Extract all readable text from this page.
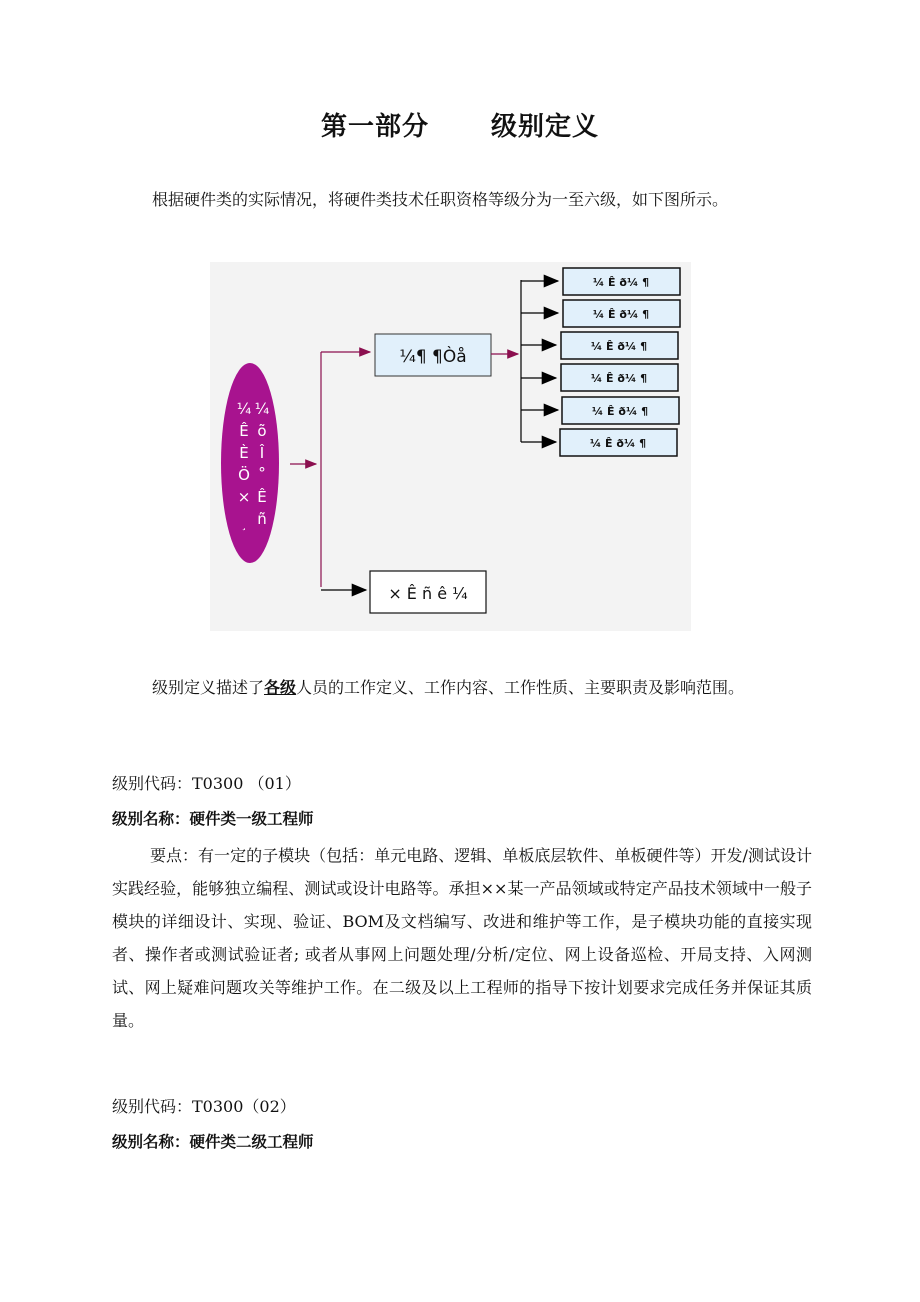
第一部分 级别定义
根据硬件类的实际情况，将硬件类技术任职资格等级分为一至六级，如下图所示。
¼
Ê
È
Ö
×
¸
¼
õ
Î
°
Ê
ñ
¼¶ ¶Òå
¼ Ê ð¼ ¶
¼ Ê ð¼ ¶
¼ Ê ð¼ ¶
¼ Ê ð¼ ¶
¼ Ê ð¼ ¶
¼ Ê ð¼ ¶
× Ê ñ ê ¼
级别定义描述了各级人员的工作定义、工作内容、工作性质、主要职责及影响范围。
级别代码：T0300 （01）
级别名称：硬件类一级工程师
要点：有一定的子模块（包括：单元电路、逻辑、单板底层软件、单板硬件等）开发/测试设计实践经验，能够独立编程、测试或设计电路等。承担××某一产品领域或特定产品技术领域中一般子模块的详细设计、实现、验证、BOM及文档编写、改进和维护等工作，是子模块功能的直接实现者、操作者或测试验证者; 或者从事网上问题处理/分析/定位、网上设备巡检、开局支持、入网测试、网上疑难问题攻关等维护工作。在二级及以上工程师的指导下按计划要求完成任务并保证其质量。
级别代码：T0300（02）
级别名称：硬件类二级工程师
